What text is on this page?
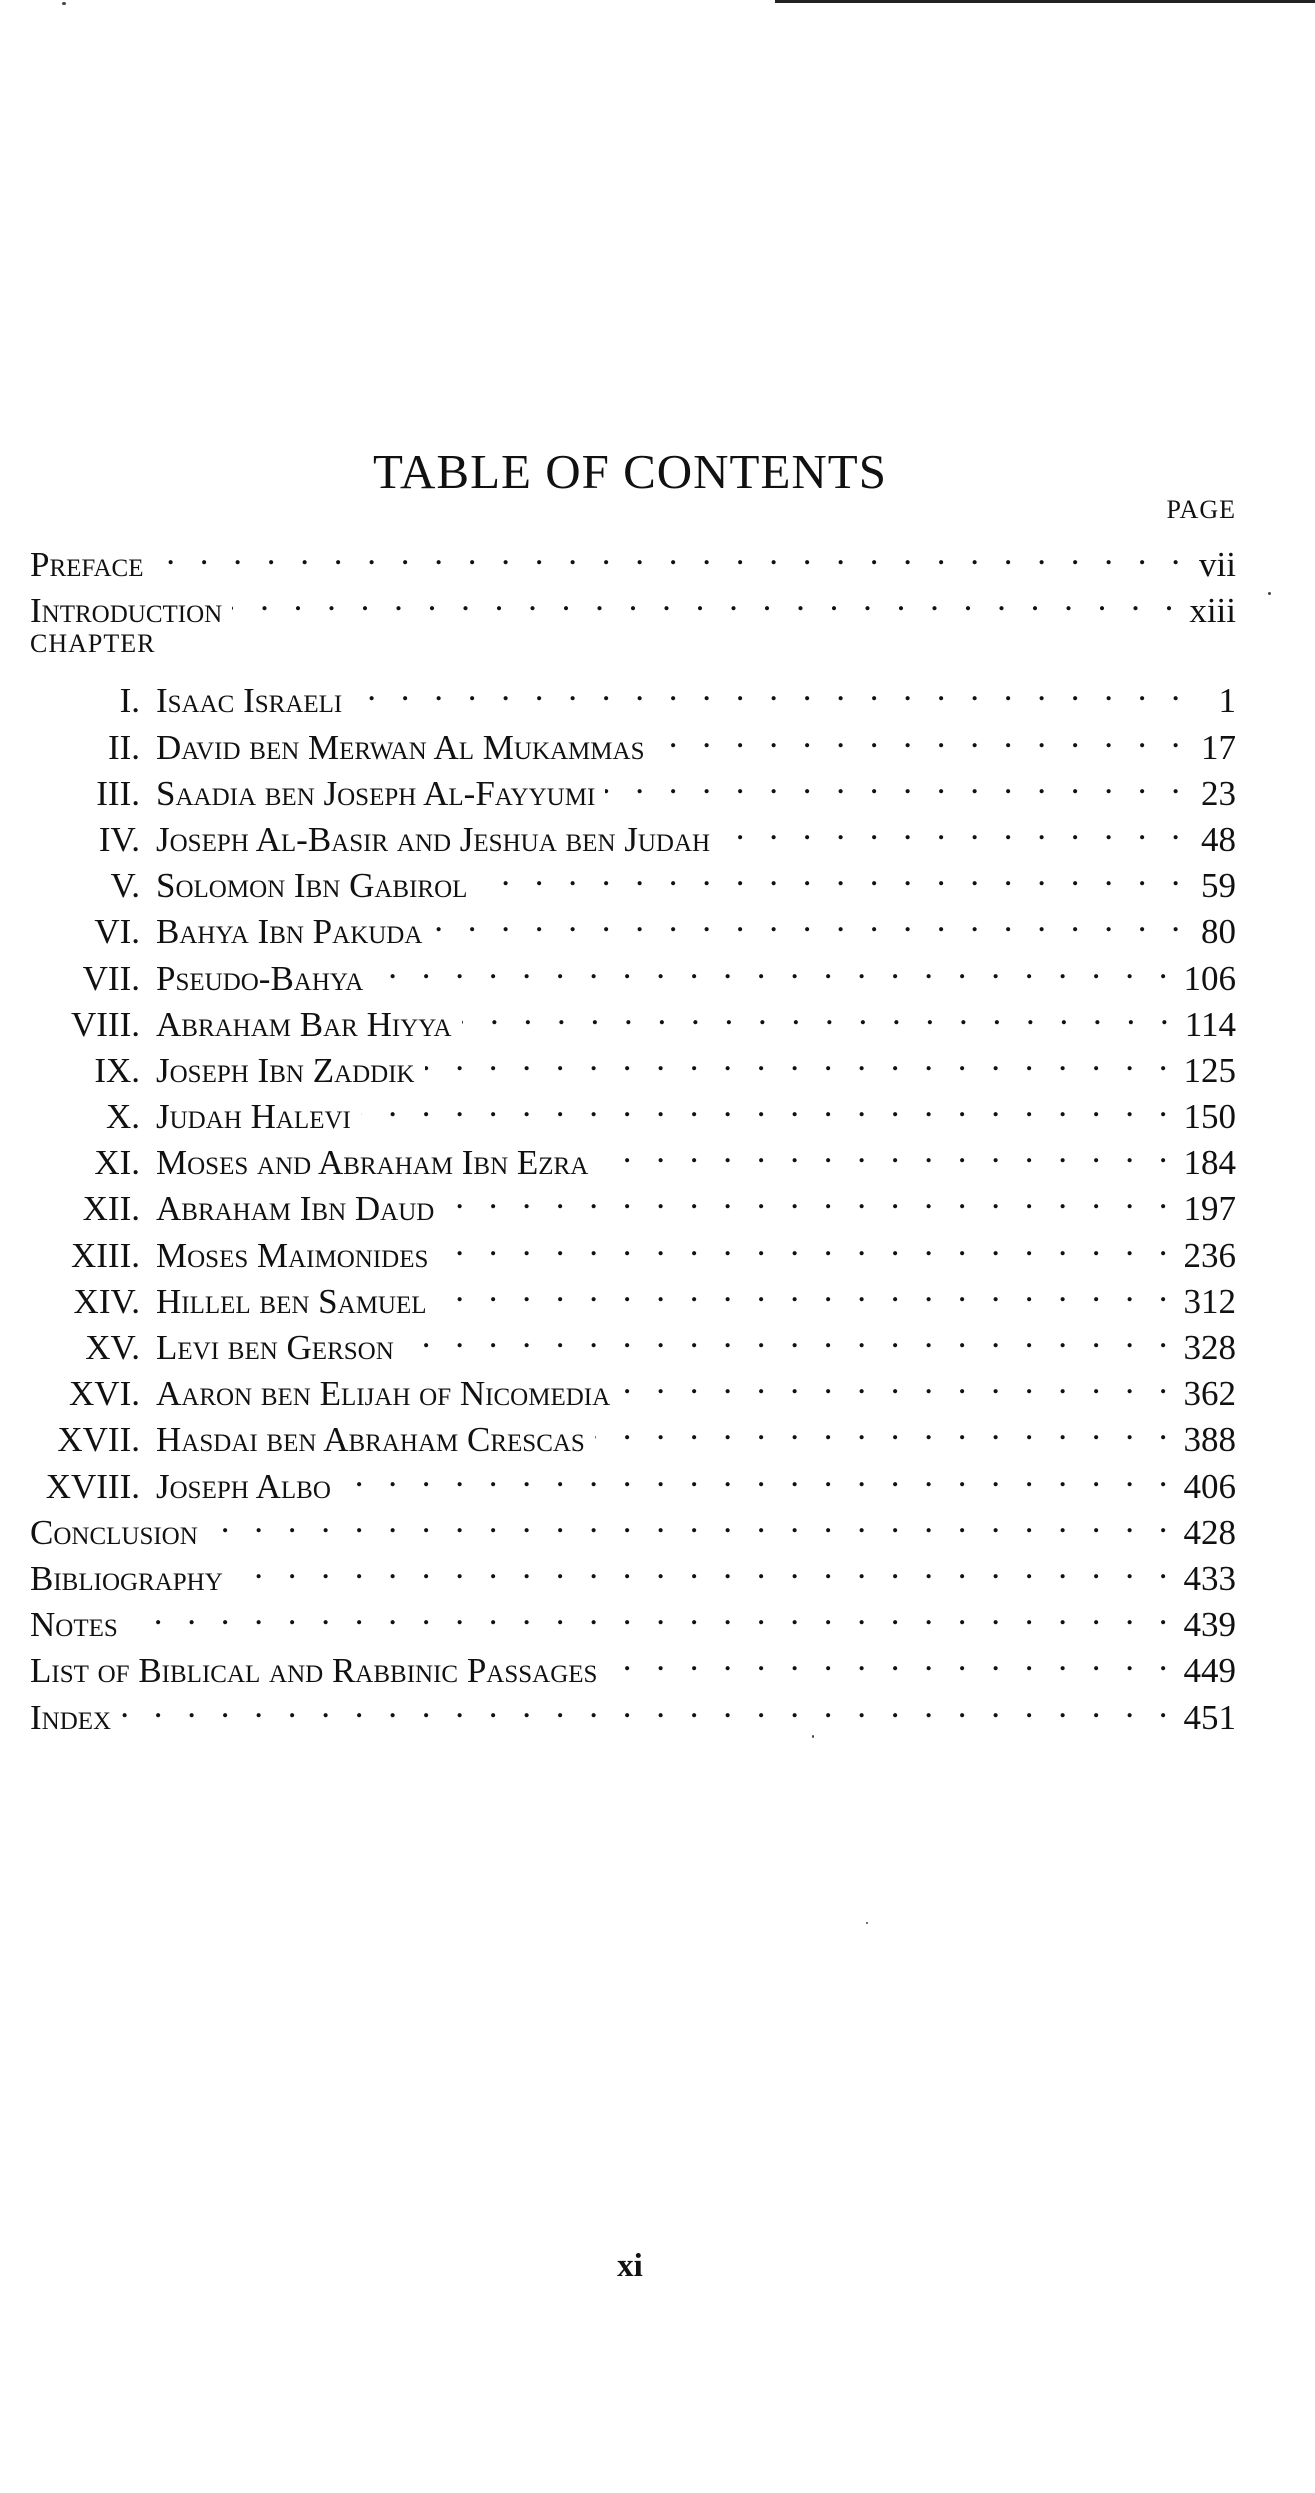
TABLE OF CONTENTS
PAGE
Preface . . .	vii
Introduction . . .	xiii
CHAPTER
I. Isaac Israeli . . .	1
II. David ben Merwan Al Mukammas . . .	17
III. Saadia ben Joseph Al-Fayyumi . . .	23
IV. Joseph Al-Basir and Jeshua ben Judah . . .	48
V. Solomon Ibn Gabirol . . .	59
VI. Bahya Ibn Pakuda . . .	80
VII. Pseudo-Bahya . . .	106
VIII. Abraham Bar Hiyya . . .	114
IX. Joseph Ibn Zaddik . . .	125
X. Judah Halevi . . .	150
XI. Moses and Abraham Ibn Ezra . . .	184
XII. Abraham Ibn Daud . . .	197
XIII. Moses Maimonides . . .	236
XIV. Hillel ben Samuel . . .	312
XV. Levi ben Gerson . . .	328
XVI. Aaron ben Elijah of Nicomedia . . .	362
XVII. Hasdai ben Abraham Crescas . . .	388
XVIII. Joseph Albo . . .	406
Conclusion . . .	428
Bibliography . . .	433
Notes . . .	439
List of Biblical and Rabbinic Passages . . .	449
Index . . .	451
xi
